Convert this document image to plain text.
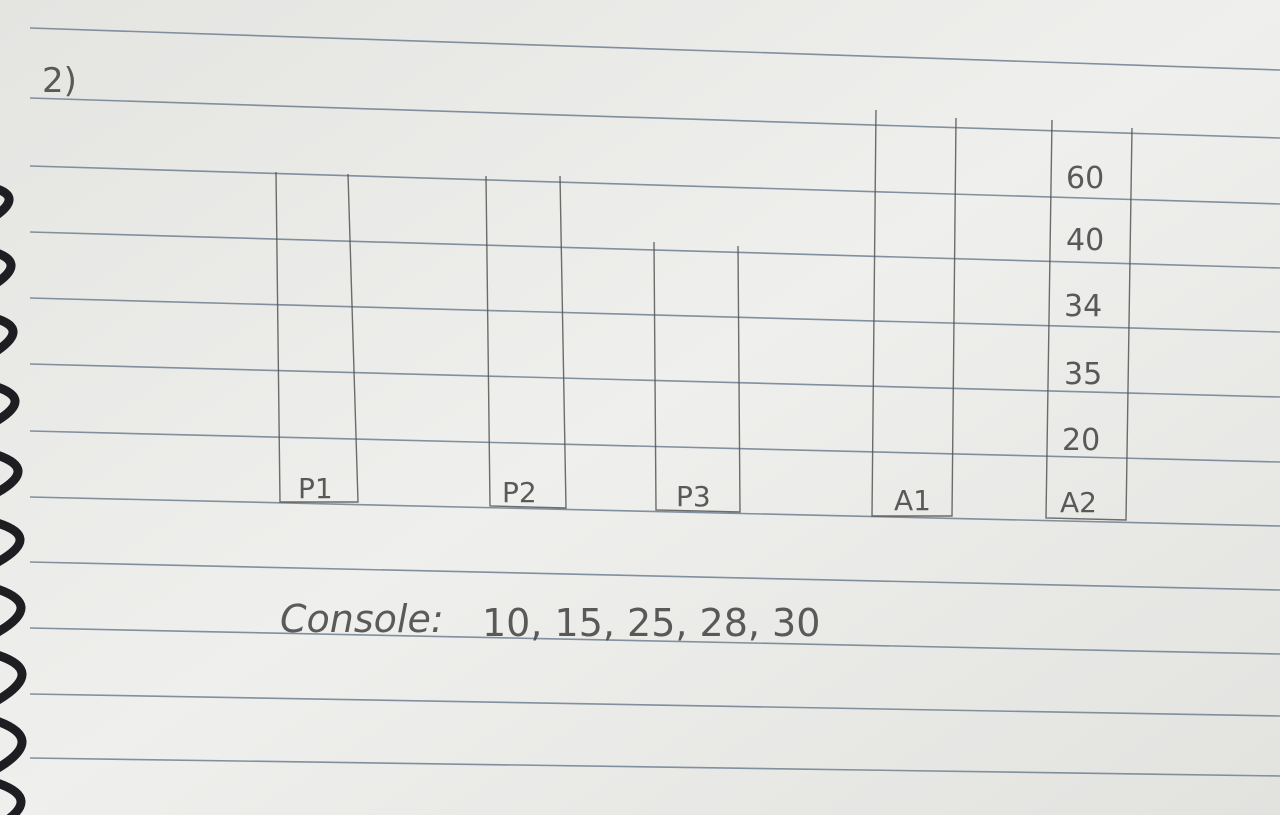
2)
P1	P2	P3	A1	A2
60
40
34
35
20
Console: 10, 15, 25, 28, 30
